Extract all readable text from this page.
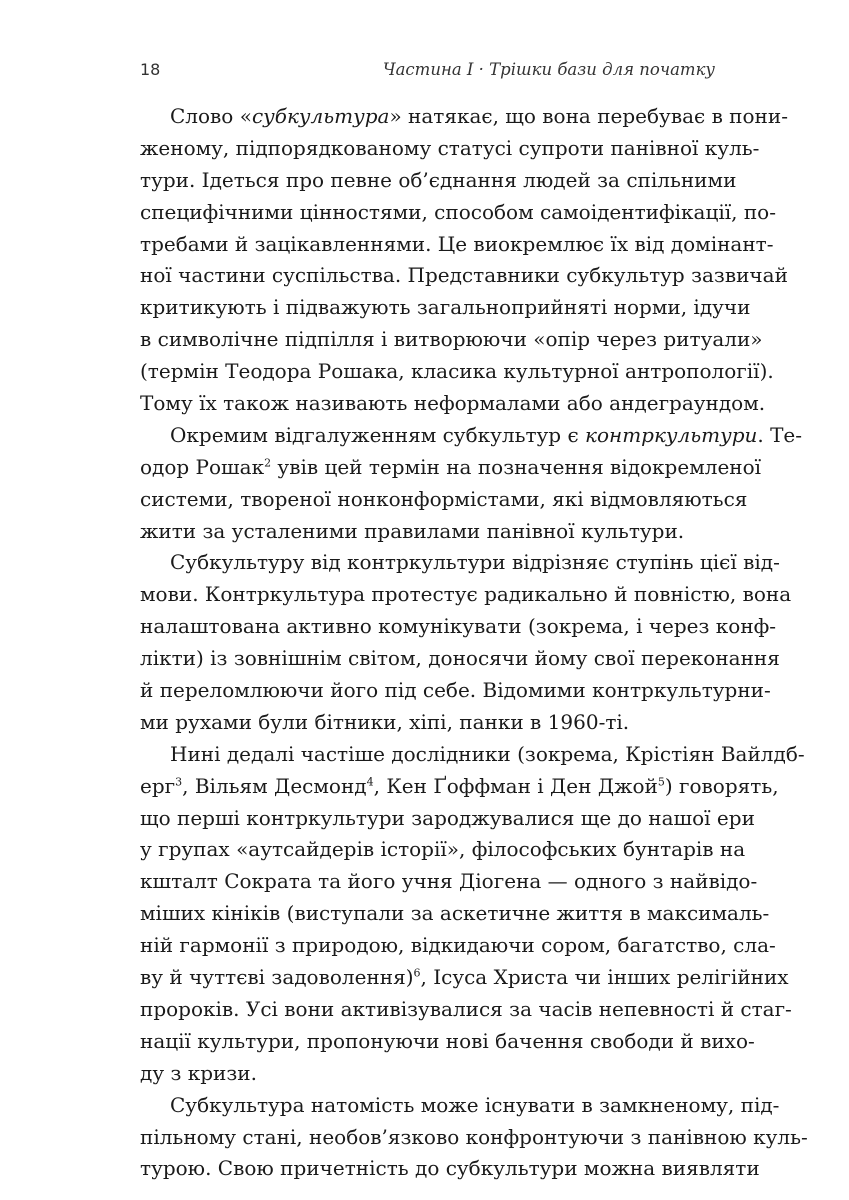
18	Частина I · Трішки бази для початку
Слово «субкультура» натякає, що вона перебуває в пони-
женому, підпорядкованому статусі супроти панівної куль-
тури. Ідеться про певне об’єднання людей за спільними
специфічними цінностями, способом самоідентифікації, по-
требами й зацікавленнями. Це виокремлює їх від домінант-
ної частини суспільства. Представники субкультур зазвичай
критикують і підважують загальноприйняті норми, ідучи
в символічне підпілля і витворюючи «опір через ритуали»
(термін Теодора Рошака, класика культурної антропології).
Тому їх також називають неформалами або андеграундом.
Окремим відгалуженням субкультур є контркультури. Те-
одор Рошак$^2$ увів цей термін на позначення відокремленої
системи, твореної нонконформістами, які відмовляються
жити за усталеними правилами панівної культури.
Субкультуру від контркультури відрізняє ступінь цієї від-
мови. Контркультура протестує радикально й повністю, вона
налаштована активно комунікувати (зокрема, і через конф-
лікти) із зовнішнім світом, доносячи йому свої переконання
й переломлюючи його під себе. Відомими контркультурни-
ми рухами були бітники, хіпі, панки в 1960-ті.
Нині дедалі частіше дослідники (зокрема, Крістіян Вайлдб-
ерг$^3$, Вільям Десмонд$^4$, Кен Ґоффман і Ден Джой$^5$) говорять,
що перші контркультури зароджувалися ще до нашої ери
у групах «аутсайдерів історії», філософських бунтарів на
кшталт Сократа та його учня Діогена — одного з найвідо-
міших кініків (виступали за аскетичне життя в максималь-
ній гармонії з природою, відкидаючи сором, багатство, сла-
ву й чуттєві задоволення)$^6$, Ісуса Христа чи інших релігійних
пророків. Усі вони активізувалися за часів непевності й стаг-
нації культури, пропонуючи нові бачення свободи й вихо-
ду з кризи.
Субкультура натомість може існувати в замкненому, під-
пільному стані, необов’язково конфронтуючи з панівною куль-
турою. Свою причетність до субкультури можна виявляти
